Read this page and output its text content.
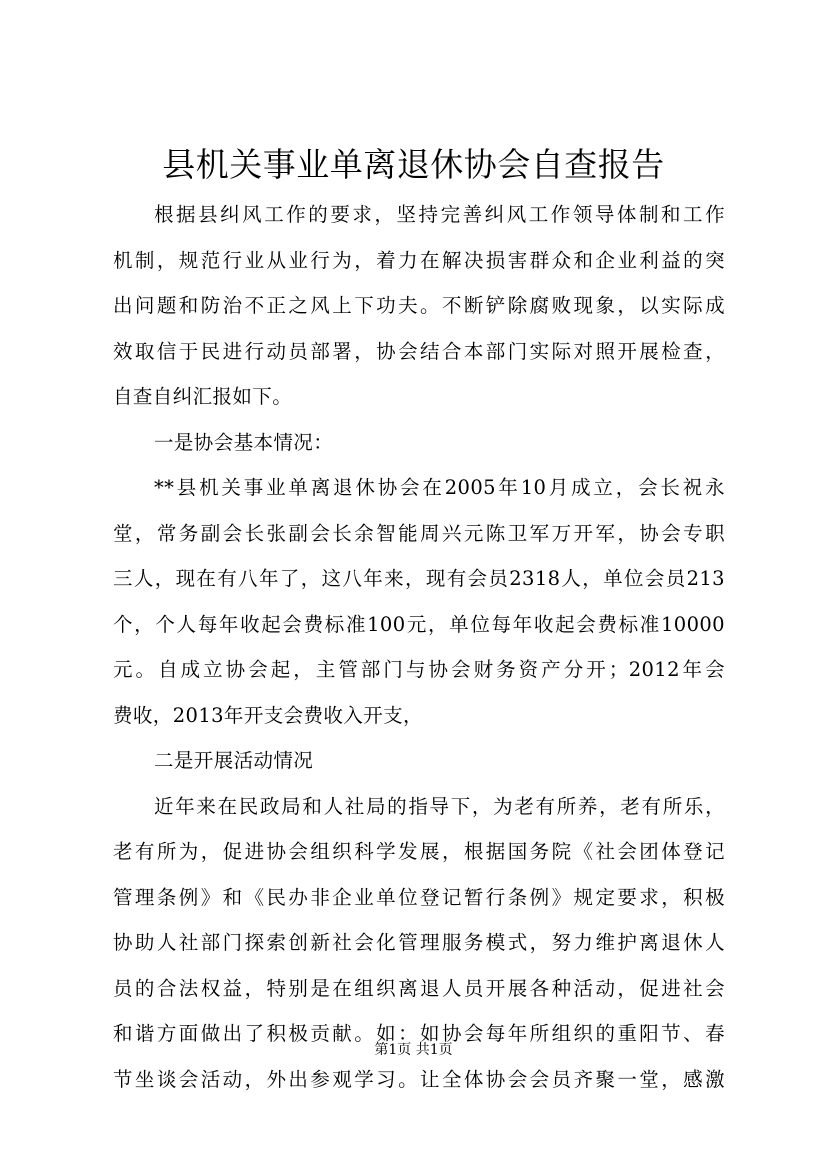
县机关事业单离退休协会自查报告
根据县纠风工作的要求，坚持完善纠风工作领导体制和工作
机制，规范行业从业行为，着力在解决损害群众和企业利益的突
出问题和防治不正之风上下功夫。不断铲除腐败现象，以实际成
效取信于民进行动员部署，协会结合本部门实际对照开展检查，
自查自纠汇报如下。
一是协会基本情况：
**县机关事业单离退休协会在2005年10月成立，会长祝永
堂，常务副会长张副会长余智能周兴元陈卫军万开军，协会专职
三人，现在有八年了，这八年来，现有会员2318人，单位会员213
个，个人每年收起会费标准100元，单位每年收起会费标准10000
元。自成立协会起，主管部门与协会财务资产分开；2012年会
费收，2013年开支会费收入开支，
二是开展活动情况
近年来在民政局和人社局的指导下，为老有所养，老有所乐，
老有所为，促进协会组织科学发展，根据国务院《社会团体登记
管理条例》和《民办非企业单位登记暂行条例》规定要求，积极
协助人社部门探索创新社会化管理服务模式，努力维护离退休人
员的合法权益，特别是在组织离退人员开展各种活动，促进社会
和谐方面做出了积极贡献。如：如协会每年所组织的重阳节、春
节坐谈会活动，外出参观学习。让全体协会会员齐聚一堂，感激
第1页 共1页
